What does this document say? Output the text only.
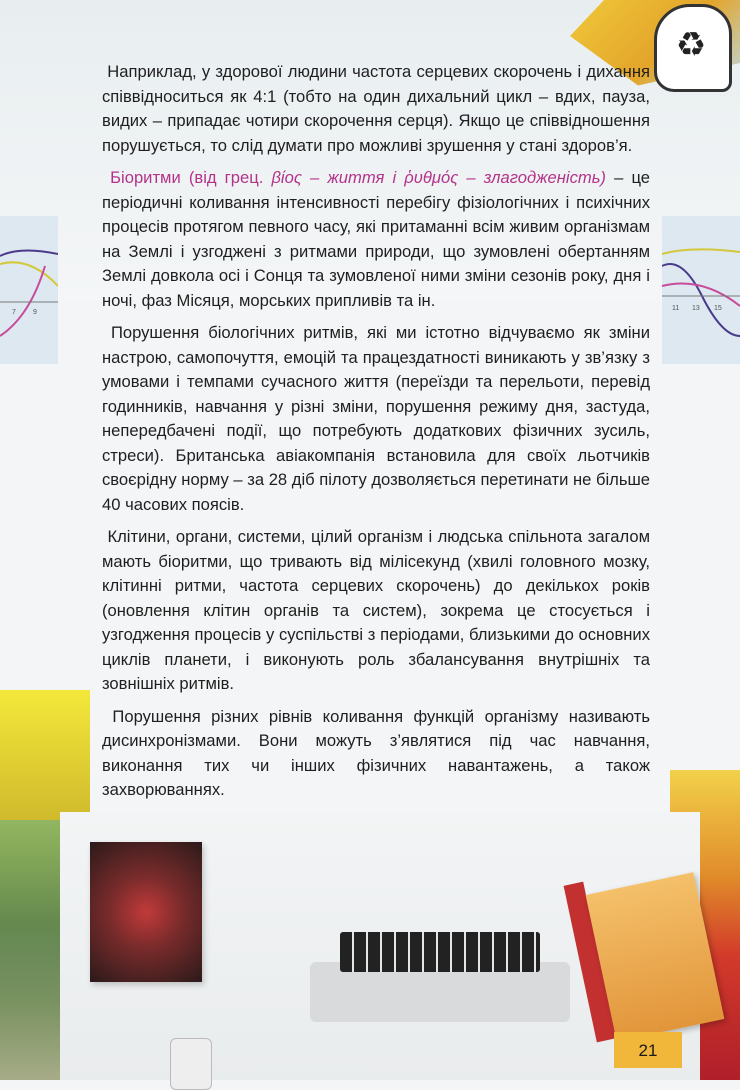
7 9
11 13 15
♻

Наприклад, у здорової людини частота серцевих скорочень і дихання співвідноситься як 4:1 (тобто на один дихальний цикл – вдих, пауза, видих – припадає чотири скорочення серця). Якщо це співвідношення порушується, то слід думати про можливі зрушення у стані здоров’я.

Біоритми (від грец. βίος – життя і ῥυθμός – злагодженість) – це періодичні коливання інтенсивності перебігу фізіологічних і психічних процесів протягом певного часу, які притаманні всім живим організмам на Землі і узгоджені з ритмами природи, що зумовлені обертанням Землі довкола осі і Сонця та зумовленої ними зміни сезонів року, дня і ночі, фаз Місяця, морських припливів та ін.

Порушення біологічних ритмів, які ми істотно відчуваємо як зміни настрою, самопочуття, емоцій та працездатності виникають у зв’язку з умовами і темпами сучасного життя (переїзди та перельоти, перевід годинників, навчання у різні зміни, порушення режиму дня, застуда, непередбачені події, що потребують додаткових фізичних зусиль, стреси). Британська авіакомпанія встановила для своїх льотчиків своєрідну норму – за 28 діб пілоту дозволяється перетинати не більше 40 часових поясів.

Клітини, органи, системи, цілий організм і людська спільнота загалом мають біоритми, що тривають від мілісекунд (хвилі головного мозку, клітинні ритми, частота серцевих скорочень) до декількох років (оновлення клітин органів та систем), зокрема це стосується і узгодження процесів у суспільстві з періодами, близькими до основних циклів планети, і виконують роль збалансування внутрішніх та зовнішніх ритмів.

Порушення різних рівнів коливання функцій організму називають дисинхронізмами. Вони можуть з’являтися під час навчання, виконання тих чи інших фізичних навантажень, а також захворюваннях.

21
